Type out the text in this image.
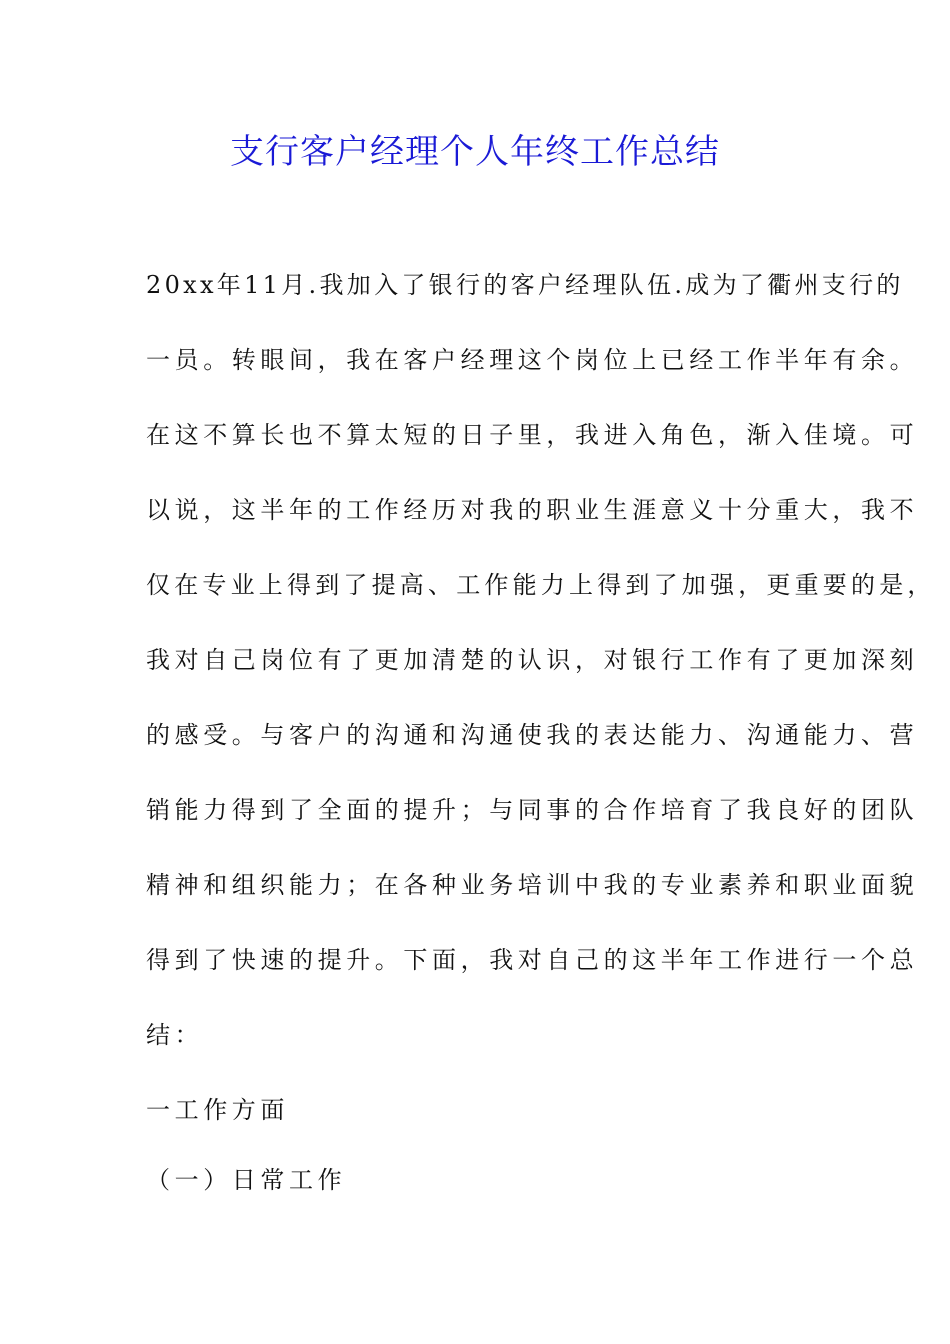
支行客户经理个人年终工作总结
20xx年11月.我加入了银行的客户经理队伍.成为了衢州支行的
一员。转眼间，我在客户经理这个岗位上已经工作半年有余。
在这不算长也不算太短的日子里，我进入角色，渐入佳境。可
以说，这半年的工作经历对我的职业生涯意义十分重大，我不
仅在专业上得到了提高、工作能力上得到了加强，更重要的是，
我对自己岗位有了更加清楚的认识，对银行工作有了更加深刻
的感受。与客户的沟通和沟通使我的表达能力、沟通能力、营
销能力得到了全面的提升；与同事的合作培育了我良好的团队
精神和组织能力；在各种业务培训中我的专业素养和职业面貌
得到了快速的提升。下面，我对自己的这半年工作进行一个总
结：
一工作方面
（一）日常工作
